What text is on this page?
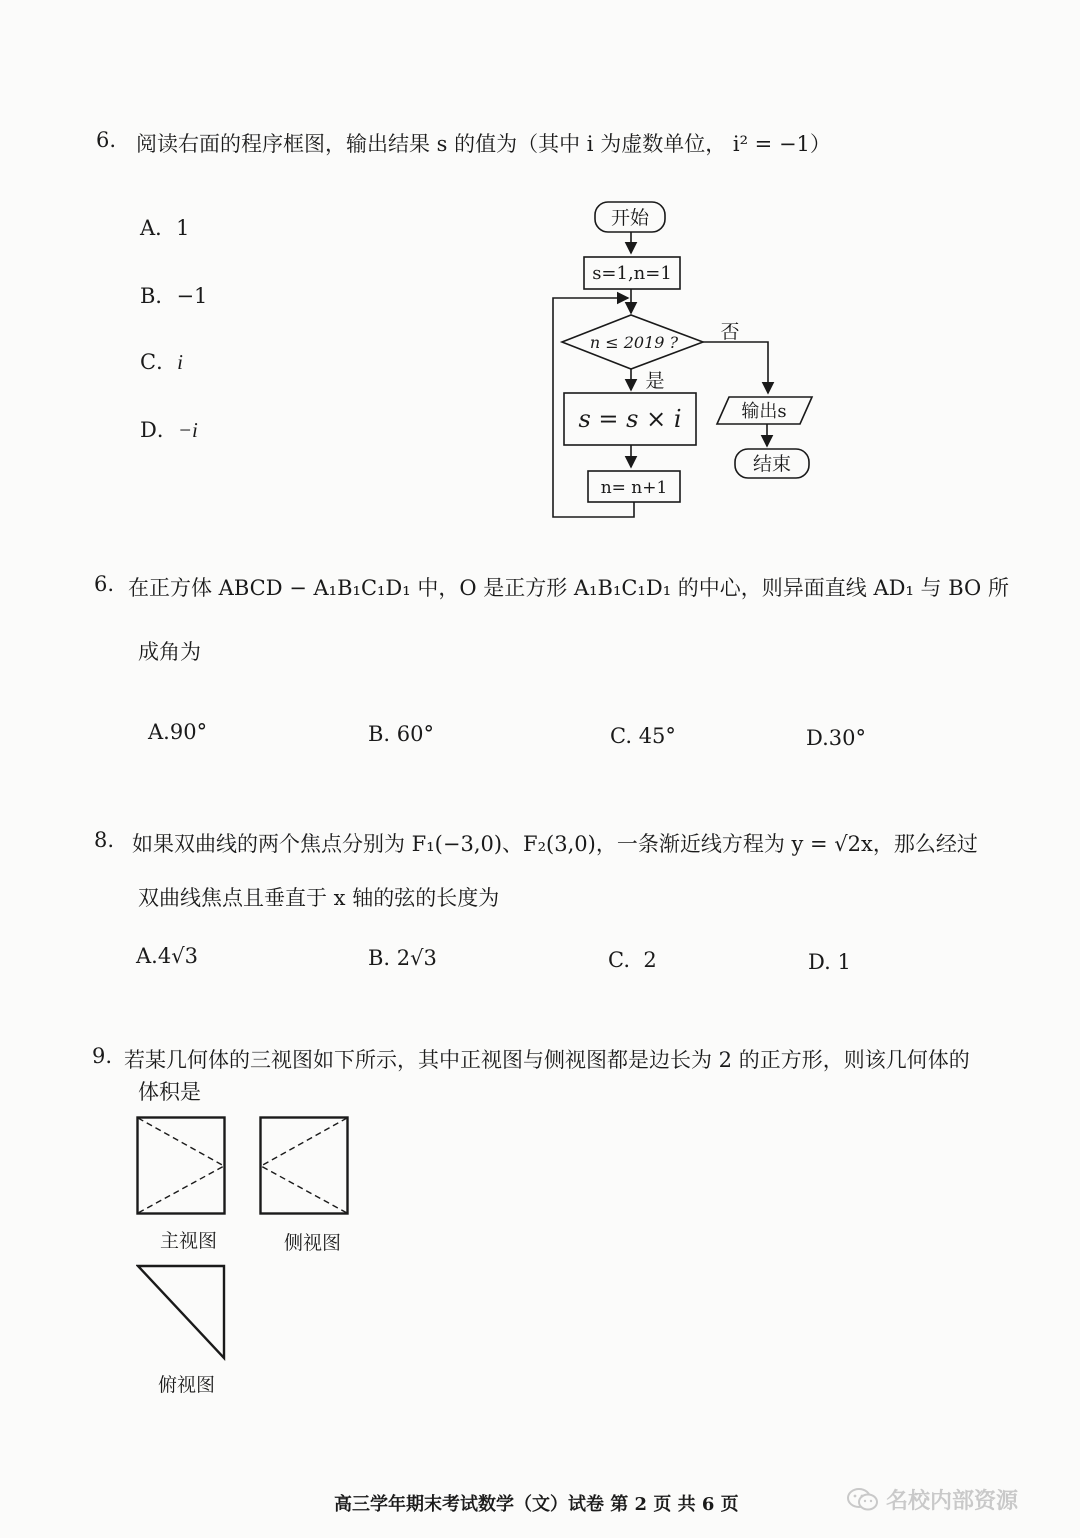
6. 阅读右面的程序框图，输出结果 s 的值为（其中 i 为虚数单位， i² = −1）
A．1
B．−1
C．i
D．−i
开始
s=1,n=1
n ≤ 2019 ? 否
是
s = s × i
n= n+1
输出s
结束
6. 在正方体 ABCD − A₁B₁C₁D₁ 中，O 是正方形 A₁B₁C₁D₁ 的中心，则异面直线 AD₁ 与 BO 所
成角为
A.90°	B. 60°	C. 45°	D.30°
8. 如果双曲线的两个焦点分别为 F₁(−3,0)、F₂(3,0)，一条渐近线方程为 y = √2x，那么经过
双曲线焦点且垂直于 x 轴的弦的长度为
A.4√3	B. 2√3	C. 2	D. 1
9. 若某几何体的三视图如下所示，其中正视图与侧视图都是边长为 2 的正方形，则该几何体的
体积是
主视图	侧视图
俯视图
高三学年期末考试数学（文）试卷 第 2 页 共 6 页	名校内部资源
